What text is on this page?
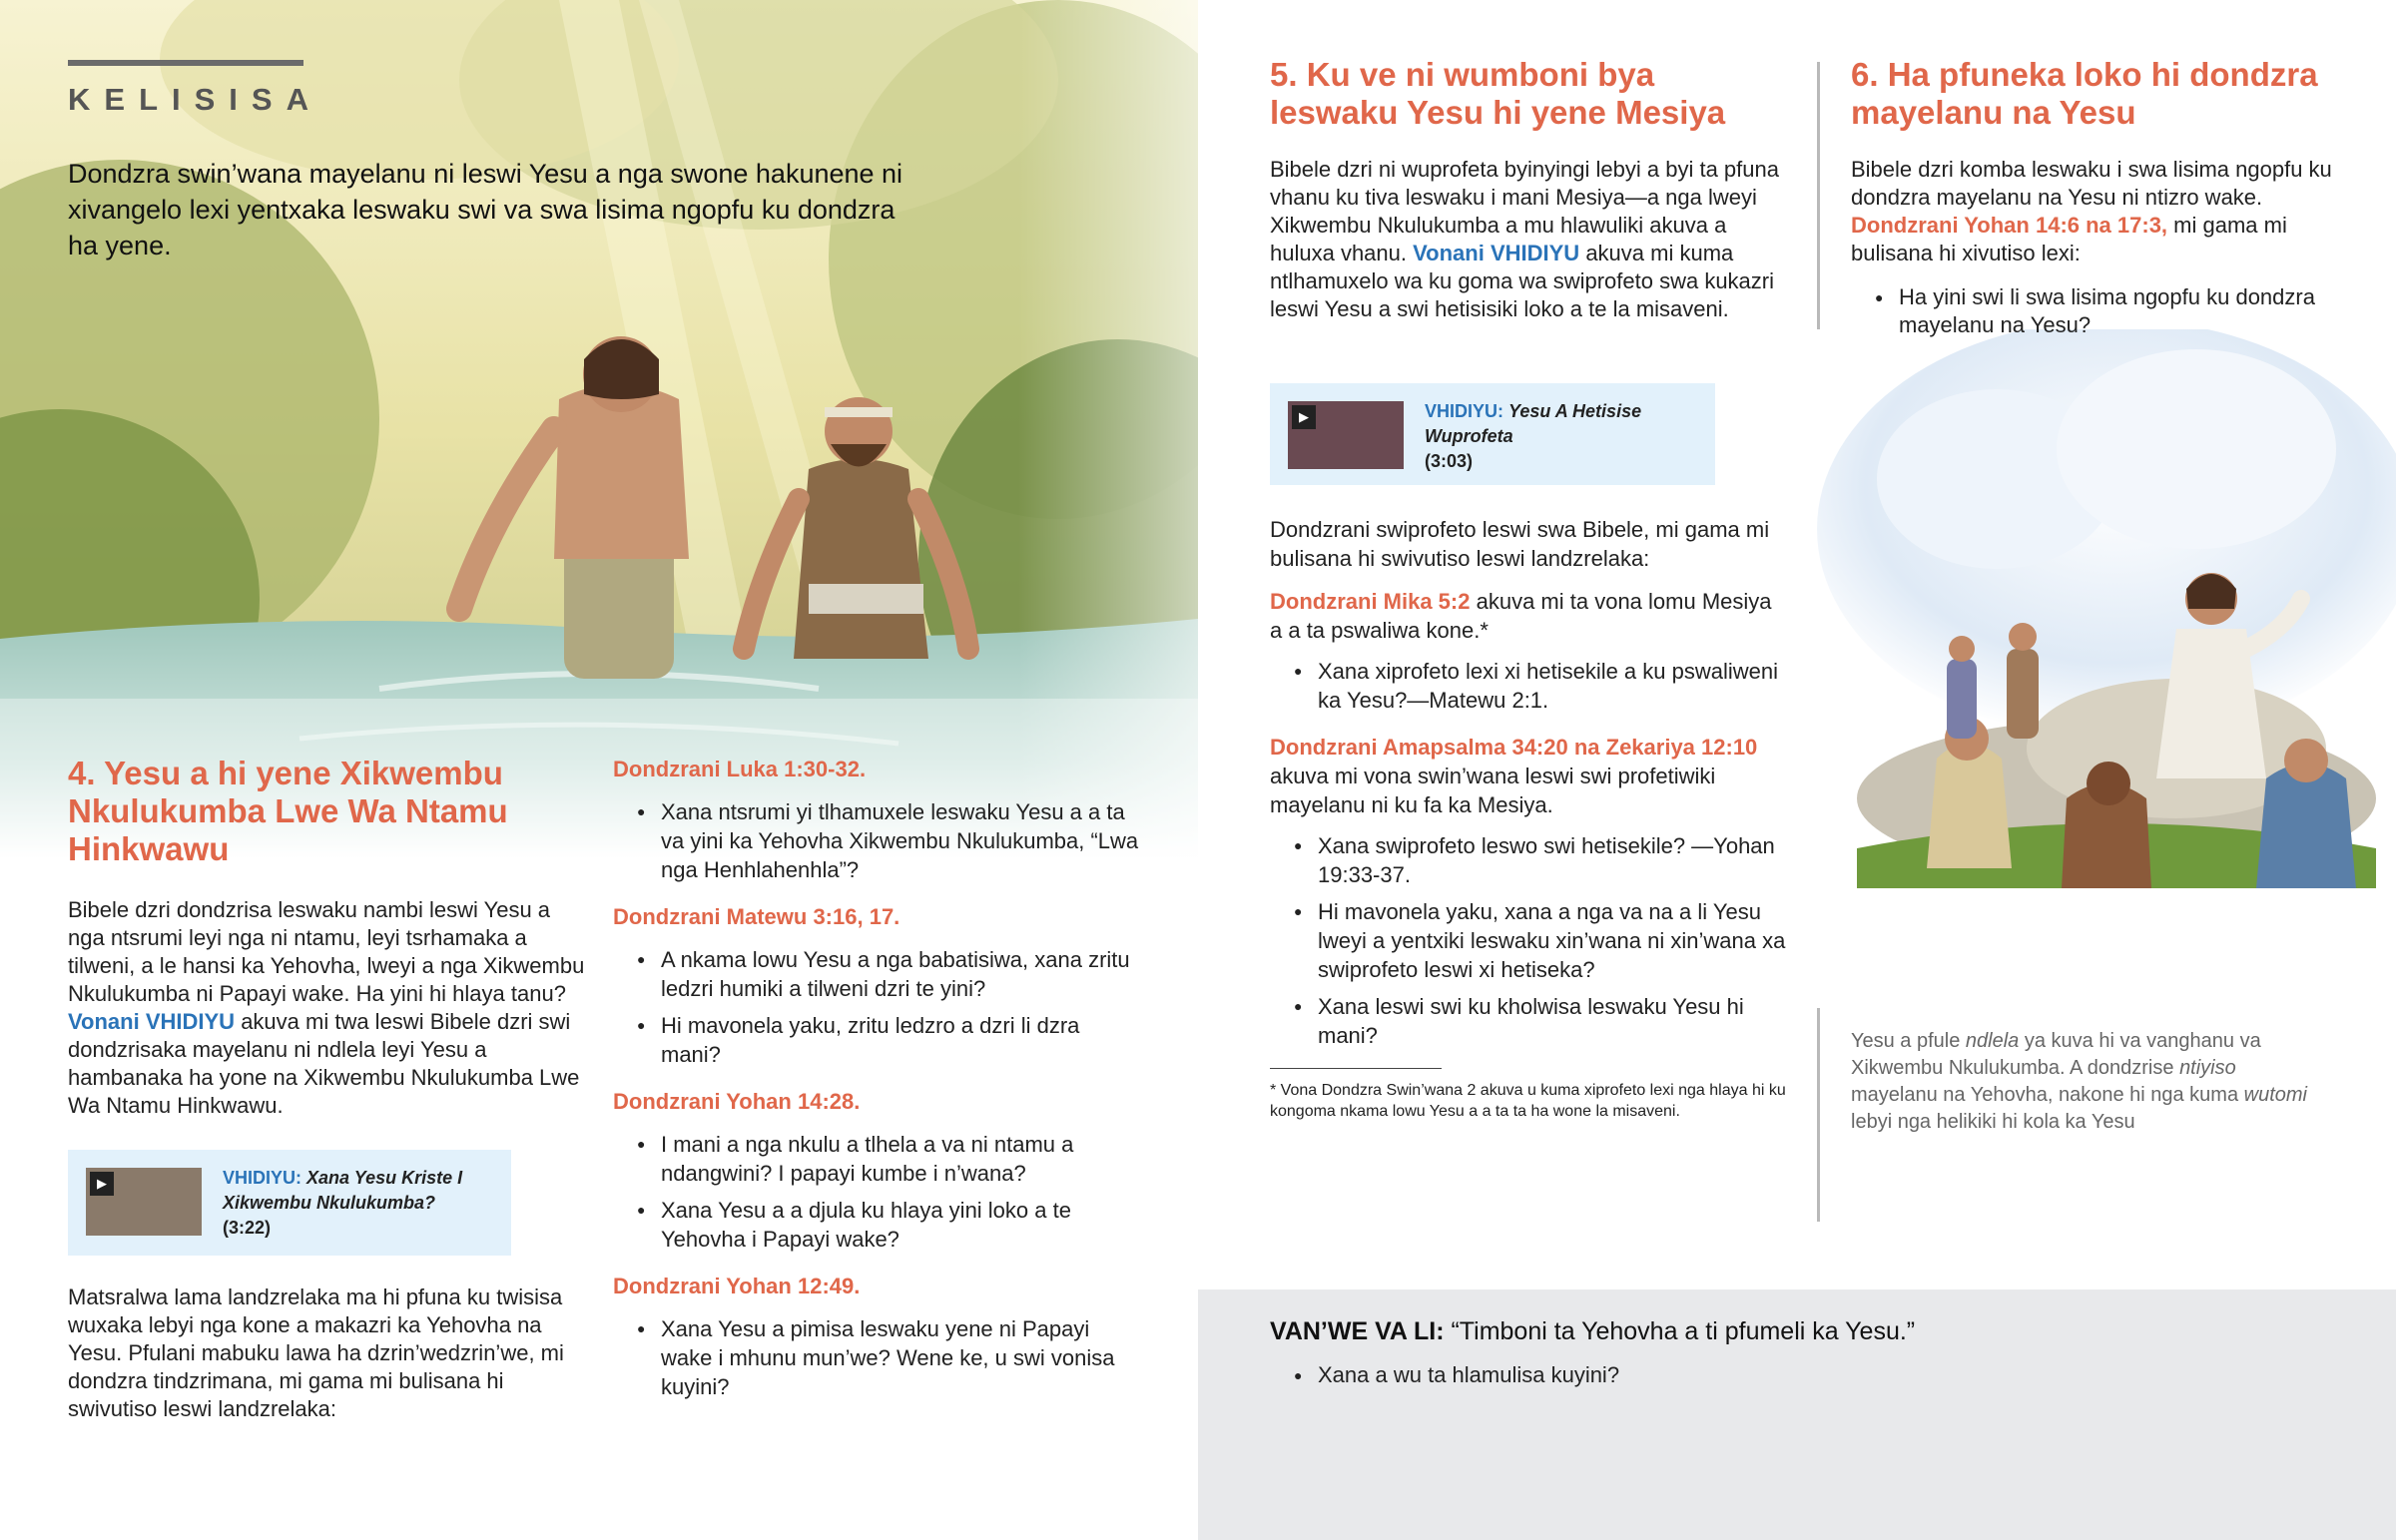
KELISISA
Dondzra swin’wana mayelanu ni leswi Yesu a nga swone hakunene ni xivangelo lexi yentxaka leswaku swi va swa lisima ngopfu ku dondzra ha yene.
4. Yesu a hi yene Xikwembu Nkulukumba Lwe Wa Ntamu Hinkwawu
Bibele dzri dondzrisa leswaku nambi leswi Yesu a nga ntsrumi leyi nga ni ntamu, leyi tsrhamaka a tilweni, a le hansi ka Yehovha, lweyi a nga Xikwembu Nkulukumba ni Papayi wake. Ha yini hi hlaya tanu? Vonani VHIDIYU akuva mi twa leswi Bibele dzri swi dondzrisaka mayelanu ni ndlela leyi Yesu a hambanaka ha yone na Xikwembu Nkulukumba Lwe Wa Ntamu Hinkwawu.
▶	VHIDIYU: Xana Yesu Kriste I Xikwembu Nkulukumba?
(3:22)
Matsralwa lama landzrelaka ma hi pfuna ku twisisa wuxaka lebyi nga kone a makazri ka Yehovha na Yesu. Pfulani mabuku lawa ha dzrin’wedzrin’we, mi dondzra tindzrimana, mi gama mi bulisana hi swivutiso leswi landzrelaka:
Dondzrani Luka 1:30-32.
● Xana ntsrumi yi tlhamuxele leswaku Yesu a a ta va yini ka Yehovha Xikwembu Nkulukumba, “Lwa nga Henhlahenhla”?
Dondzrani Matewu 3:16, 17.
● A nkama lowu Yesu a nga babatisiwa, xana zritu ledzri humiki a tilweni dzri te yini?
● Hi mavonela yaku, zritu ledzro a dzri li dzra mani?
Dondzrani Yohan 14:28.
● I mani a nga nkulu a tlhela a va ni ntamu a ndangwini? I papayi kumbe i n’wana?
● Xana Yesu a a djula ku hlaya yini loko a te Yehovha i Papayi wake?
Dondzrani Yohan 12:49.
● Xana Yesu a pimisa leswaku yene ni Papayi wake i mhunu mun’we? Wene ke, u swi vonisa kuyini?
5. Ku ve ni wumboni bya leswaku Yesu hi yene Mesiya
Bibele dzri ni wuprofeta byinyingi lebyi a byi ta pfuna vhanu ku tiva leswaku i mani Mesiya—a nga lweyi Xikwembu Nkulukumba a mu hlawuliki akuva a huluxa vhanu. Vonani VHIDIYU akuva mi kuma ntlhamuxelo wa ku goma wa swiprofeto swa kukazri leswi Yesu a swi hetisisiki loko a te la misaveni.
▶	VHIDIYU: Yesu A Hetisise Wuprofeta
(3:03)
Dondzrani swiprofeto leswi swa Bibele, mi gama mi bulisana hi swivutiso leswi landzrelaka:
Dondzrani Mika 5:2 akuva mi ta vona lomu Mesiya a a ta pswaliwa kone.*
● Xana xiprofeto lexi xi hetisekile a ku pswaliweni ka Yesu?—Matewu 2:1.
Dondzrani Amapsalma 34:20 na Zekariya 12:10 akuva mi vona swin’wana leswi swi profetiwiki mayelanu ni ku fa ka Mesiya.
● Xana swiprofeto leswo swi hetisekile? —Yohan 19:33-37.
● Hi mavonela yaku, xana a nga va na a li Yesu lweyi a yentxiki leswaku xin’wana ni xin’wana xa swiprofeto leswi xi hetiseka?
● Xana leswi swi ku kholwisa leswaku Yesu hi mani?
* Vona Dondzra Swin’wana 2 akuva u kuma xiprofeto lexi nga hlaya hi ku kongoma nkama lowu Yesu a a ta ta ha wone la misaveni.
6. Ha pfuneka loko hi dondzra mayelanu na Yesu
Bibele dzri komba leswaku i swa lisima ngopfu ku dondzra mayelanu na Yesu ni ntizro wake. Dondzrani Yohan 14:6 na 17:3, mi gama mi bulisana hi xivutiso lexi:
● Ha yini swi li swa lisima ngopfu ku dondzra mayelanu na Yesu?
Yesu a pfule ndlela ya kuva hi va vanghanu va Xikwembu Nkulukumba. A dondzrise ntiyiso mayelanu na Yehovha, nakone hi nga kuma wutomi lebyi nga helikiki hi kola ka Yesu
VAN’WE VA LI: “Timboni ta Yehovha a ti pfumeli ka Yesu.”
● Xana a wu ta hlamulisa kuyini?
